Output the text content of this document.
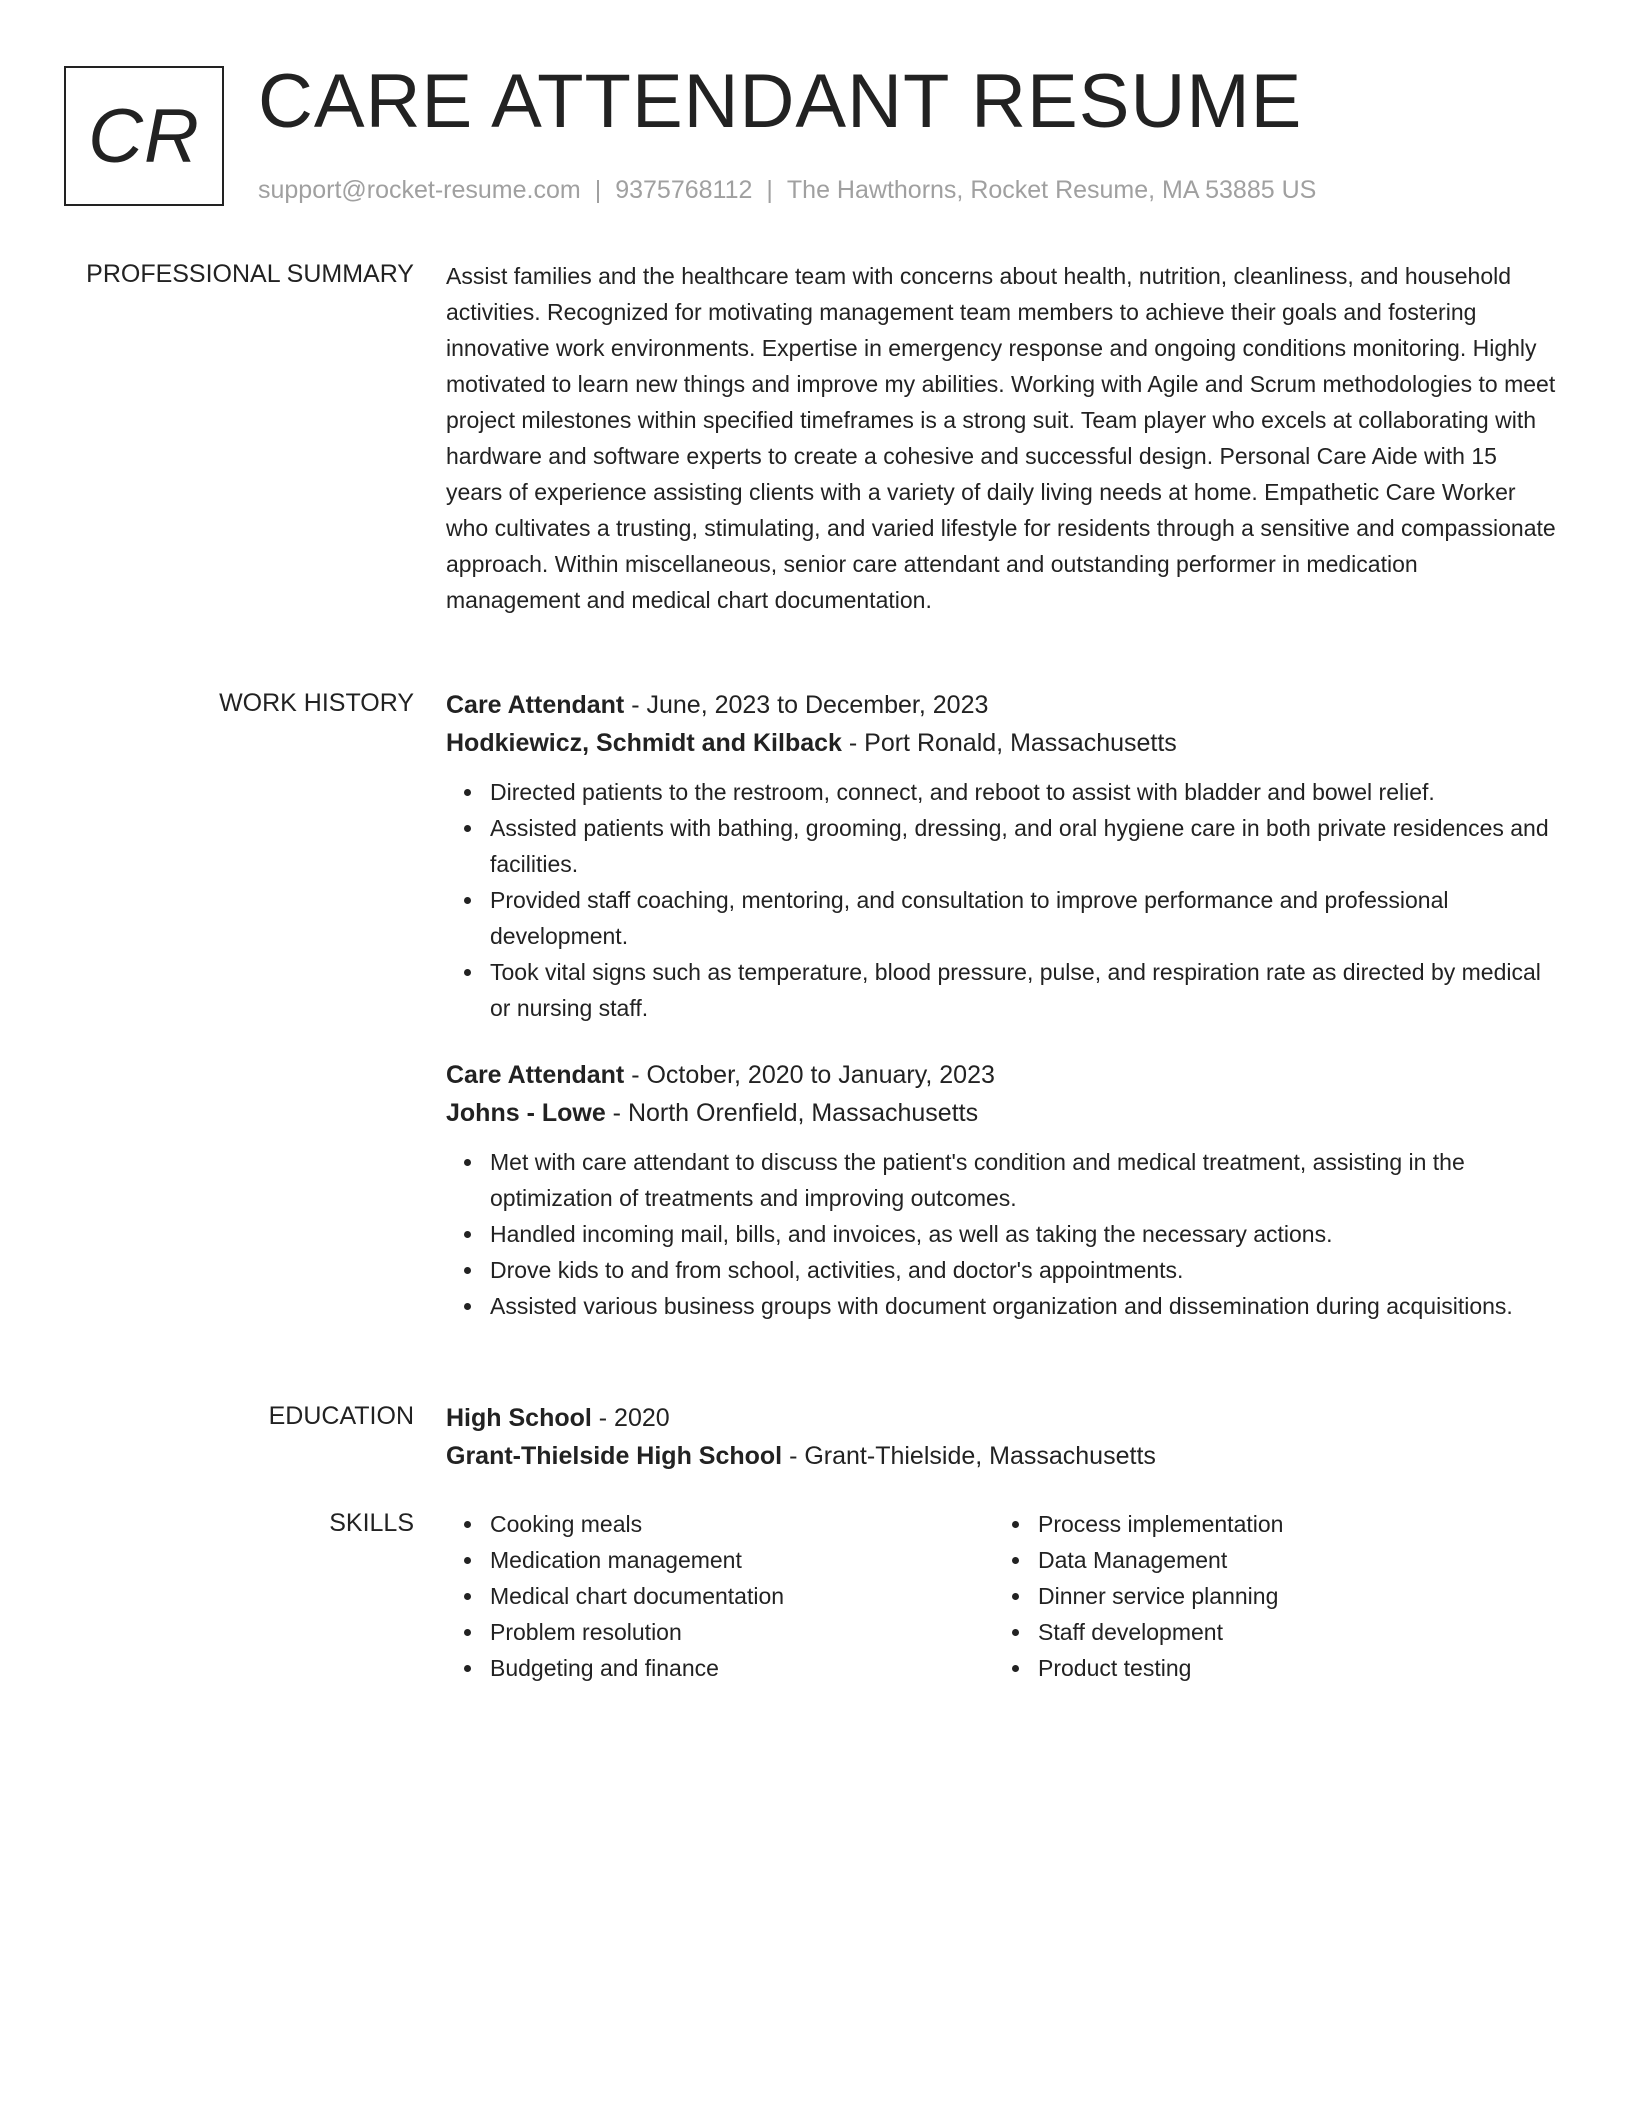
CR CARE ATTENDANT RESUME
support@rocket-resume.com | 9375768112 | The Hawthorns, Rocket Resume, MA 53885 US
PROFESSIONAL SUMMARY Assist families and the healthcare team with concerns about health, nutrition, cleanliness, and household activities. Recognized for motivating management team members to achieve their goals and fostering innovative work environments. Expertise in emergency response and ongoing conditions monitoring. Highly motivated to learn new things and improve my abilities. Working with Agile and Scrum methodologies to meet project milestones within specified timeframes is a strong suit. Team player who excels at collaborating with hardware and software experts to create a cohesive and successful design. Personal Care Aide with 15 years of experience assisting clients with a variety of daily living needs at home. Empathetic Care Worker who cultivates a trusting, stimulating, and varied lifestyle for residents through a sensitive and compassionate approach. Within miscellaneous, senior care attendant and outstanding performer in medication management and medical chart documentation.

WORK HISTORY Care Attendant - June, 2023 to December, 2023

Hodkiewicz, Schmidt and Kilback - Port Ronald, Massachusetts

Directed patients to the restroom, connect, and reboot to assist with bladder and bowel relief.
Assisted patients with bathing, grooming, dressing, and oral hygiene care in both private residences and facilities.
Provided staff coaching, mentoring, and consultation to improve performance and professional development.
Took vital signs such as temperature, blood pressure, pulse, and respiration rate as directed by medical or nursing staff.

Care Attendant - October, 2020 to January, 2023

Johns - Lowe - North Orenfield, Massachusetts

Met with care attendant to discuss the patient's condition and medical treatment, assisting in the optimization of treatments and improving outcomes.
Handled incoming mail, bills, and invoices, as well as taking the necessary actions.
Drove kids to and from school, activities, and doctor's appointments.
Assisted various business groups with document organization and dissemination during acquisitions.
EDUCATION High School - 2020

Grant-Thielside High School - Grant-Thielside, Massachusetts

SKILLS	Cooking meals
Medication management
Medical chart documentation
Problem resolution
Budgeting and finance
Process implementation
Data Management
Dinner service planning
Staff development
Product testing
